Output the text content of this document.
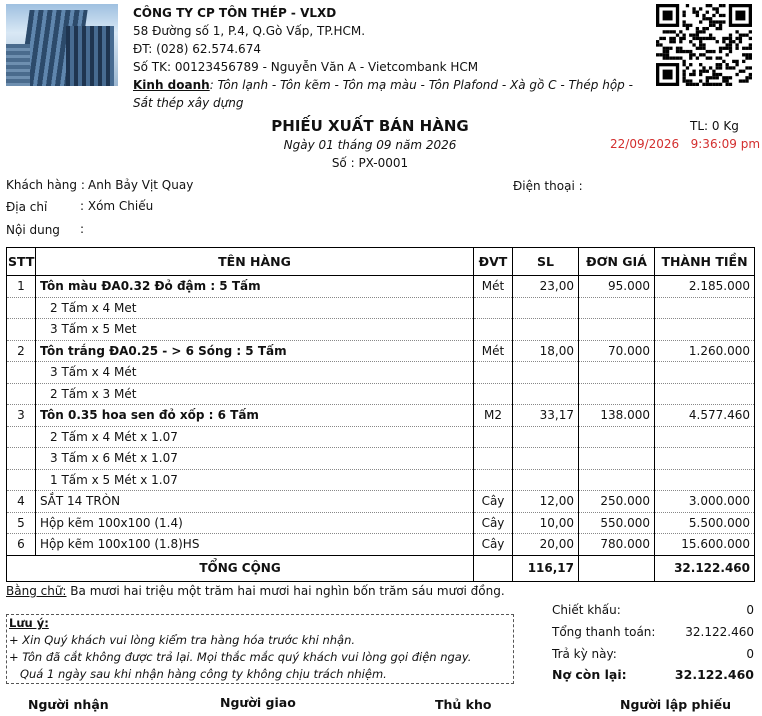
CÔNG TY CP TÔN THÉP - VLXD
58 Đường số 1, P.4, Q.Gò Vấp, TP.HCM.
ĐT: (028) 62.574.674
Số TK: 00123456789 - Nguyễn Văn A - Vietcombank HCM
Kinh doanh: Tôn lạnh - Tôn kẽm - Tôn mạ màu - Tôn Plafond - Xà gồ C - Thép hộp -
Sắt thép xây dựng
PHIẾU XUẤT BÁN HÀNG
Ngày 01 tháng 09 năm 2026
Số : PX-0001
TL: 0 Kg
22/09/2026 9:36:09 pm
Khách hàng : Anh Bảy Vịt Quay	Điện thoại :
Địa chỉ	: Xóm Chiếu
Nội dung :
STT	TÊN HÀNG	ĐVT	SL	ĐƠN GIÁ	THÀNH TIỀN
1	Tôn màu ĐA0.32 Đỏ đậm : 5 Tấm	Mét	23,00	95.000	2.185.000
	2 Tấm x 4 Met				
	3 Tấm x 5 Met				
2	Tôn trắng ĐA0.25 - > 6 Sóng : 5 Tấm	Mét	18,00	70.000	1.260.000
	3 Tấm x 4 Mét				
	2 Tấm x 3 Mét				
3	Tôn 0.35 hoa sen đỏ xốp : 6 Tấm	M2	33,17	138.000	4.577.460
	2 Tấm x 4 Mét x 1.07				
	3 Tấm x 6 Mét x 1.07				
	1 Tấm x 5 Mét x 1.07				
4	SẮT 14 TRÒN	Cây	12,00	250.000	3.000.000
5	Hộp kẽm 100x100 (1.4)	Cây	10,00	550.000	5.500.000
6	Hộp kẽm 100x100 (1.8)HS	Cây	20,00	780.000	15.600.000
TỔNG CỘNG			116,17		32.122.460
Bằng chữ: Ba mươi hai triệu một trăm hai mươi hai nghìn bốn trăm sáu mươi đồng.
Lưu ý:
+ Xin Quý khách vui lòng kiểm tra hàng hóa trước khi nhận.
+ Tôn đã cắt không được trả lại. Mọi thắc mắc quý khách vui lòng gọi điện ngay.
Quá 1 ngày sau khi nhận hàng công ty không chịu trách nhiệm.
Chiết khấu:	0
Tổng thanh toán: 32.122.460
Trả kỳ này:	0
Nợ còn lại:	32.122.460
Người nhận	Người giao	Thủ kho	Người lập phiếu
